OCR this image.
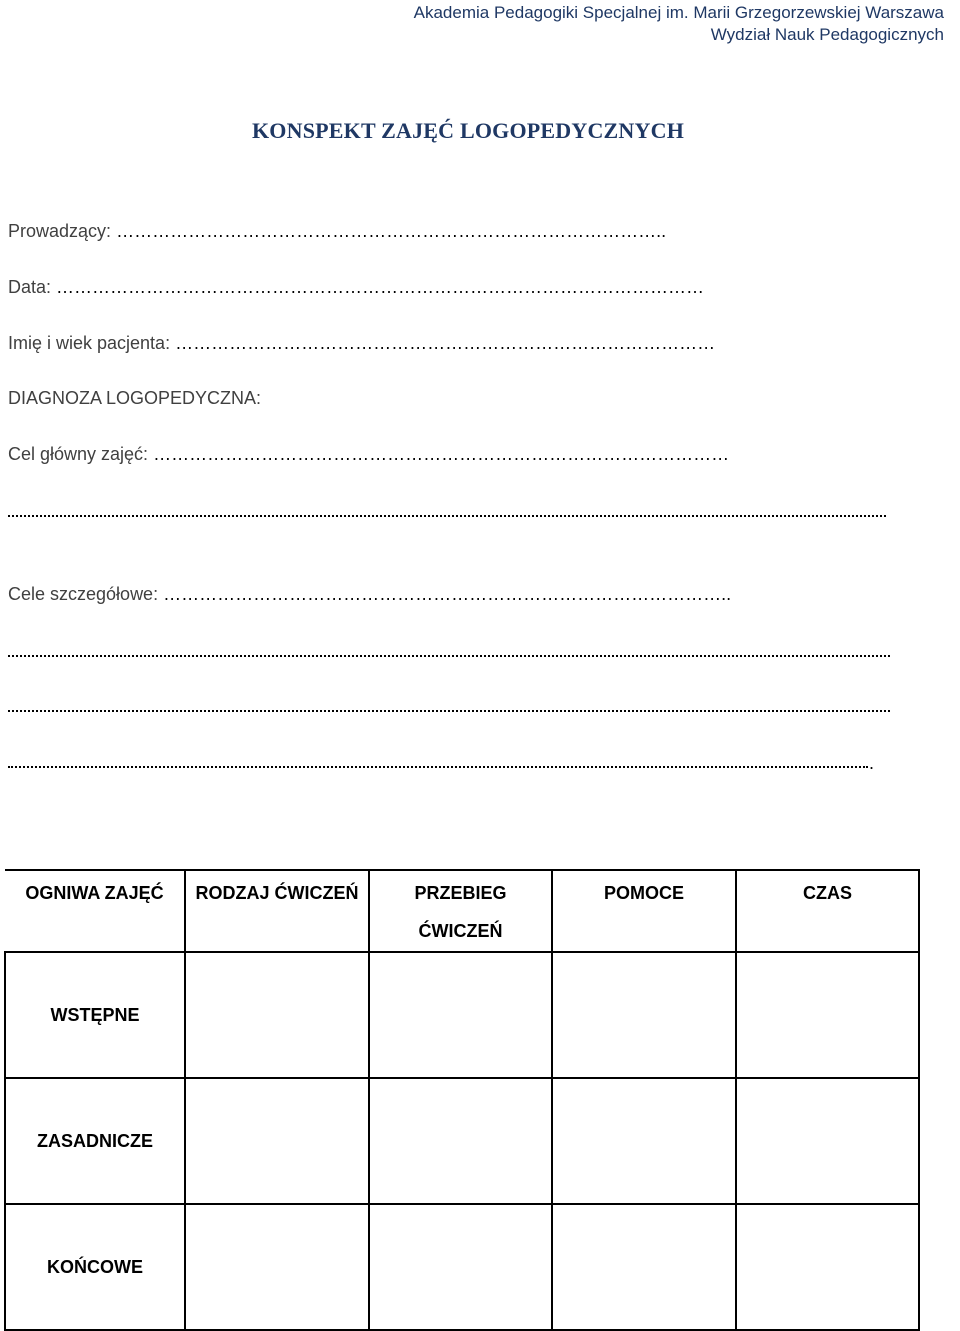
Akademia Pedagogiki Specjalnej im. Marii Grzegorzewskiej Warszawa
Wydział Nauk Pedagogicznych
KONSPEKT ZAJĘĆ LOGOPEDYCZNYCH
Prowadzący: ………………………………………………………………………………..
Data: ………………………………………………………………………………………………
Imię i wiek pacjenta: ………………………………………………………………………………
DIAGNOZA LOGOPEDYCZNA:
Cel główny zajęć: ……………………………………………………………………………………
Cele szczegółowe: …………………………………………………………………………………..
.
OGNIWA ZAJĘĆ	RODZAJ ĆWICZEŃ	PRZEBIEG ĆWICZEŃ	POMOCE	CZAS

WSTĘPNE				
ZASADNICZE				
KOŃCOWE				
